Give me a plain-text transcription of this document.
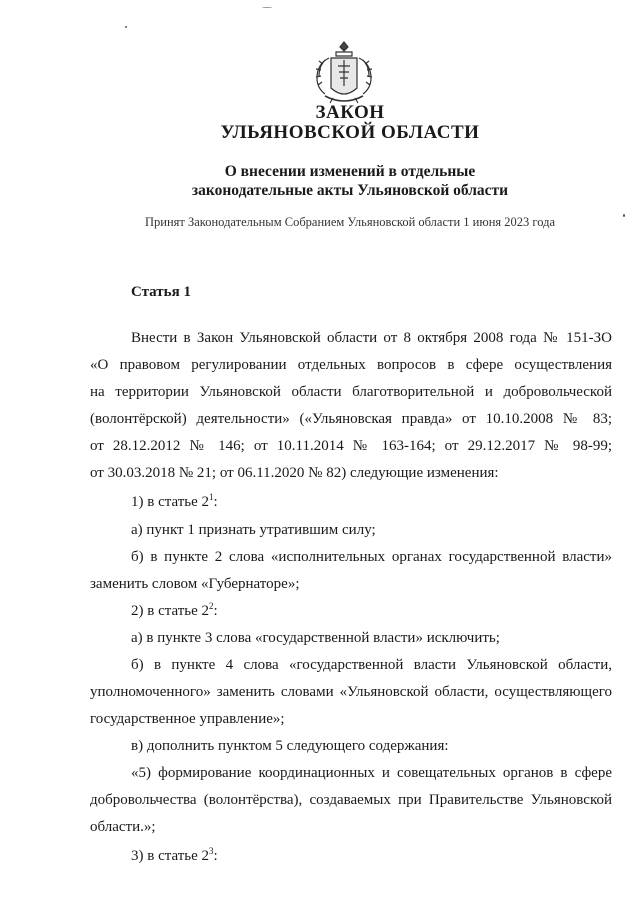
ЗАКОН
УЛЬЯНОВСКОЙ ОБЛАСТИ
О внесении изменений в отдельные
законодательные акты Ульяновской области
Принят Законодательным Собранием Ульяновской области 1 июня 2023 года
Статья 1
Внести в Закон Ульяновской области от 8 октября 2008 года № 151-ЗО
«О правовом регулировании отдельных вопросов в сфере осуществления
на территории Ульяновской области благотворительной и добровольческой
(волонтёрской) деятельности» («Ульяновская правда» от 10.10.2008 № 83;
от 28.12.2012 № 146; от 10.11.2014 № 163-164; от 29.12.2017 № 98-99;
от 30.03.2018 № 21; от 06.11.2020 № 82) следующие изменения:
1) в статье $2^1$:
а) пункт 1 признать утратившим силу;
б) в пункте 2 слова «исполнительных органах государственной власти»
заменить словом «Губернаторе»;
2) в статье $2^2$:
а) в пункте 3 слова «государственной власти» исключить;
б) в пункте 4 слова «государственной власти Ульяновской области,
уполномоченного» заменить словами «Ульяновской области, осуществляющего
государственное управление»;
в) дополнить пунктом 5 следующего содержания:
«5) формирование координационных и совещательных органов в сфере
добровольчества (волонтёрства), создаваемых при Правительстве Ульяновской
области.»;
3) в статье $2^3$:
